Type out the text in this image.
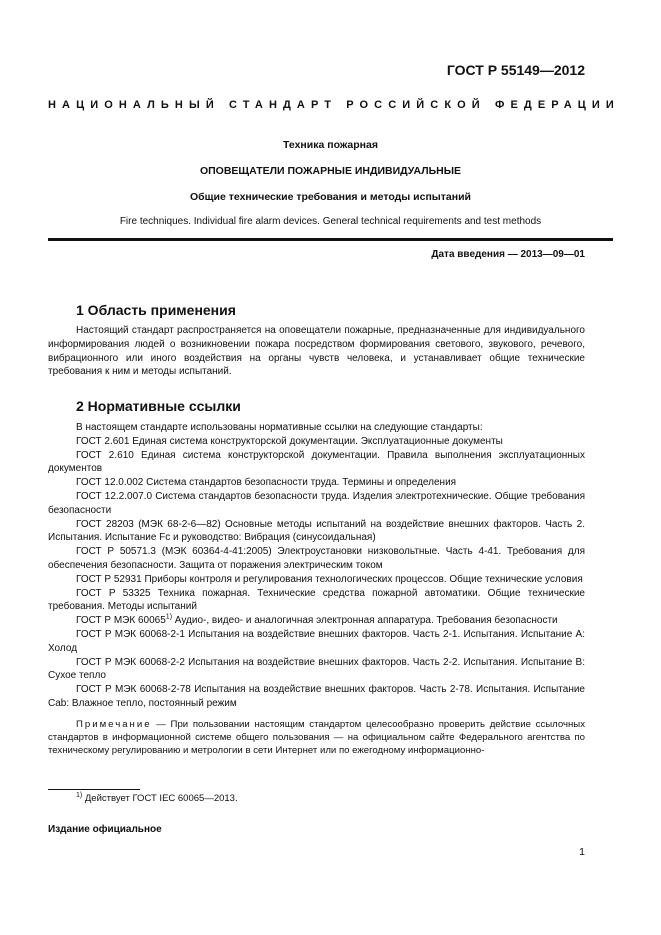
ГОСТ Р 55149—2012
НАЦИОНАЛЬНЫЙ СТАНДАРТ РОССИЙСКОЙ ФЕДЕРАЦИИ
Техника пожарная
ОПОВЕЩАТЕЛИ ПОЖАРНЫЕ ИНДИВИДУАЛЬНЫЕ
Общие технические требования и методы испытаний
Fire techniques. Individual fire alarm devices. General technical requirements and test methods
Дата введения — 2013—09—01
1 Область применения

Настоящий стандарт распространяется на оповещатели пожарные, предназначенные для индивидуального информирования людей о возникновении пожара посредством формирования светового, звукового, речевого, вибрационного или иного воздействия на органы чувств человека, и устанавливает общие технические требования к ним и методы испытаний.

2 Нормативные ссылки

В настоящем стандарте использованы нормативные ссылки на следующие стандарты:

ГОСТ 2.601 Единая система конструкторской документации. Эксплуатационные документы

ГОСТ 2.610 Единая система конструкторской документации. Правила выполнения эксплуатационных документов

ГОСТ 12.0.002 Система стандартов безопасности труда. Термины и определения

ГОСТ 12.2.007.0 Система стандартов безопасности труда. Изделия электротехнические. Общие требования безопасности

ГОСТ 28203 (МЭК 68-2-6—82) Основные методы испытаний на воздействие внешних факторов. Часть 2. Испытания. Испытание Fc и руководство: Вибрация (синусоидальная)

ГОСТ Р 50571.3 (МЭК 60364-4-41:2005) Электроустановки низковольтные. Часть 4-41. Требования для обеспечения безопасности. Защита от поражения электрическим током

ГОСТ Р 52931 Приборы контроля и регулирования технологических процессов. Общие технические условия

ГОСТ Р 53325 Техника пожарная. Технические средства пожарной автоматики. Общие технические требования. Методы испытаний

ГОСТ Р МЭК 60065$^{1)}$ Аудио-, видео- и аналогичная электронная аппаратура. Требования безопасности

ГОСТ Р МЭК 60068-2-1 Испытания на воздействие внешних факторов. Часть 2-1. Испытания. Испытание А: Холод

ГОСТ Р МЭК 60068-2-2 Испытания на воздействие внешних факторов. Часть 2-2. Испытания. Испытание В: Сухое тепло

ГОСТ Р МЭК 60068-2-78 Испытания на воздействие внешних факторов. Часть 2-78. Испытания. Испытание Cab: Влажное тепло, постоянный режим

Примечание — При пользовании настоящим стандартом целесообразно проверить действие ссылочных стандартов в информационной системе общего пользования — на официальном сайте Федерального агентства по техническому регулированию и метрологии в сети Интернет или по ежегодному информационно-

$^{1)}$ Действует ГОСТ IEC 60065—2013.
Издание официальное
1
